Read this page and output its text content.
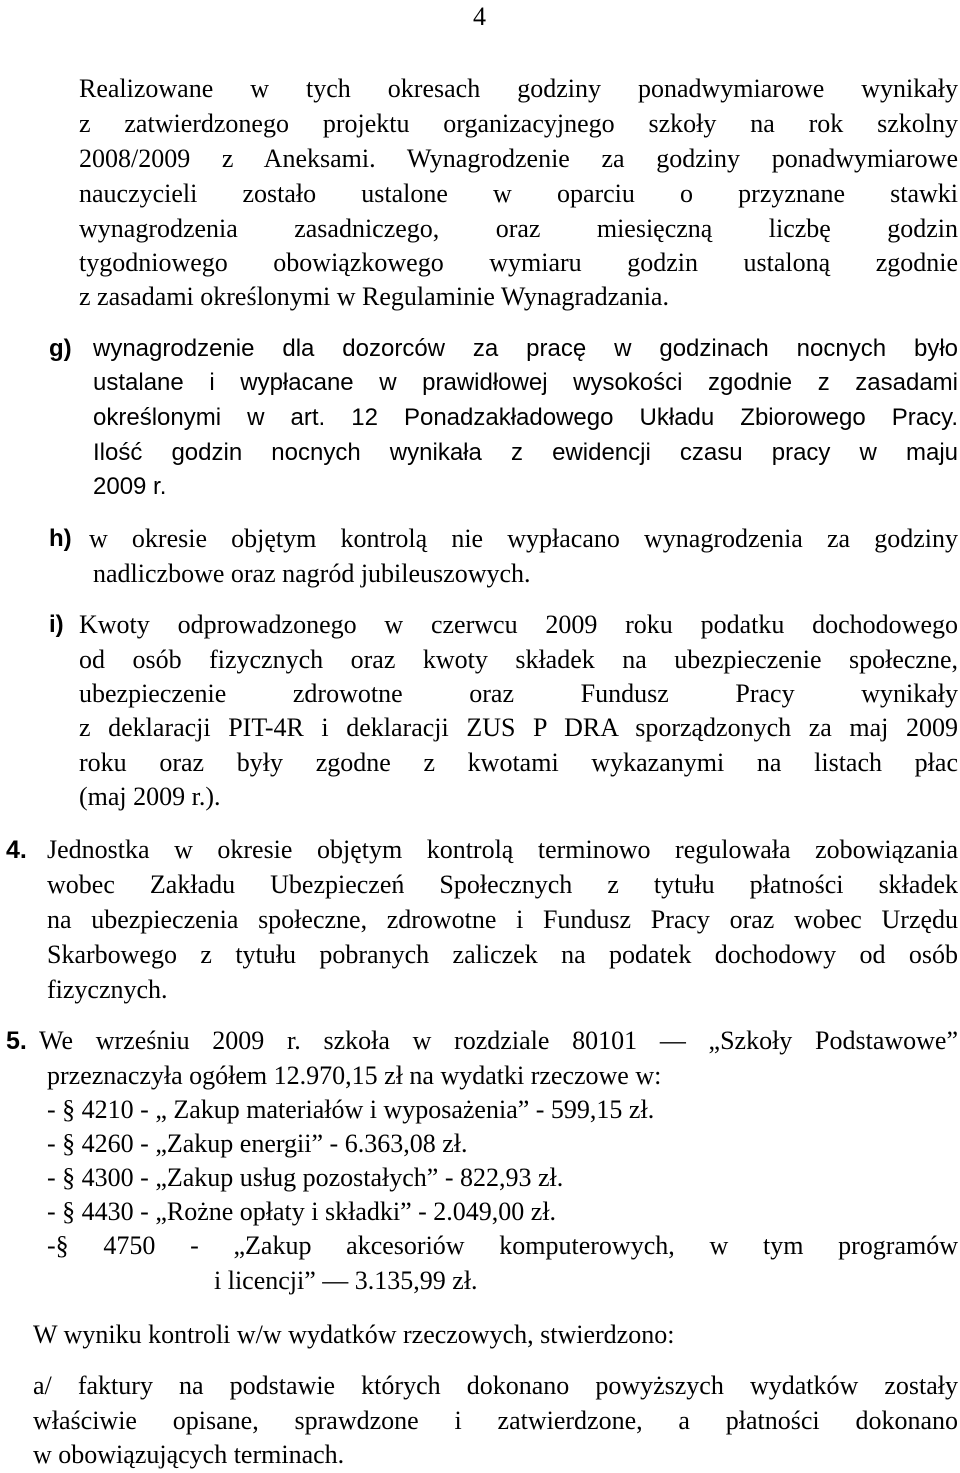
4
Realizowane w tych okresach godziny ponadwymiarowe wynikały
z zatwierdzonego projektu organizacyjnego szkoły na rok szkolny
2008/2009 z Aneksami. Wynagrodzenie za godziny ponadwymiarowe
nauczycieli zostało ustalone w oparciu o przyznane stawki
wynagrodzenia zasadniczego, oraz miesięczną liczbę godzin
tygodniowego obowiązkowego wymiaru godzin ustaloną zgodnie
z zasadami określonymi w Regulaminie Wynagradzania.
g) wynagrodzenie dla dozorców za pracę w godzinach nocnych było
ustalane i wypłacane w prawidłowej wysokości zgodnie z zasadami
określonymi w art. 12 Ponadzakładowego Układu Zbiorowego Pracy.
Ilość godzin nocnych wynikała z ewidencji czasu pracy w maju
2009 r.
h) w okresie objętym kontrolą nie wypłacano wynagrodzenia za godziny
nadliczbowe oraz nagród jubileuszowych.
i) Kwoty odprowadzonego w czerwcu 2009 roku podatku dochodowego
od osób fizycznych oraz kwoty składek na ubezpieczenie społeczne,
ubezpieczenie zdrowotne oraz Fundusz Pracy wynikały
z deklaracji PIT-4R i deklaracji ZUS P DRA sporządzonych za maj 2009
roku oraz były zgodne z kwotami wykazanymi na listach płac
(maj 2009 r.).
4. Jednostka w okresie objętym kontrolą terminowo regulowała zobowiązania
wobec Zakładu Ubezpieczeń Społecznych z tytułu płatności składek
na ubezpieczenia społeczne, zdrowotne i Fundusz Pracy oraz wobec Urzędu
Skarbowego z tytułu pobranych zaliczek na podatek dochodowy od osób
fizycznych.
5. We wrześniu 2009 r. szkoła w rozdziale 80101 — „Szkoły Podstawowe”
przeznaczyła ogółem 12.970,15 zł na wydatki rzeczowe w:
- § 4210 - „ Zakup materiałów i wyposażenia” - 599,15 zł.
- § 4260 - „Zakup energii” - 6.363,08 zł.
- § 4300 - „Zakup usług pozostałych” - 822,93 zł.
- § 4430 - „Rożne opłaty i składki” - 2.049,00 zł.
-§ 4750 - „Zakup akcesoriów komputerowych, w tym programów
i licencji” — 3.135,99 zł.
W wyniku kontroli w/w wydatków rzeczowych, stwierdzono:
a/ faktury na podstawie których dokonano powyższych wydatków zostały
właściwie opisane, sprawdzone i zatwierdzone, a płatności dokonano
w obowiązujących terminach.
